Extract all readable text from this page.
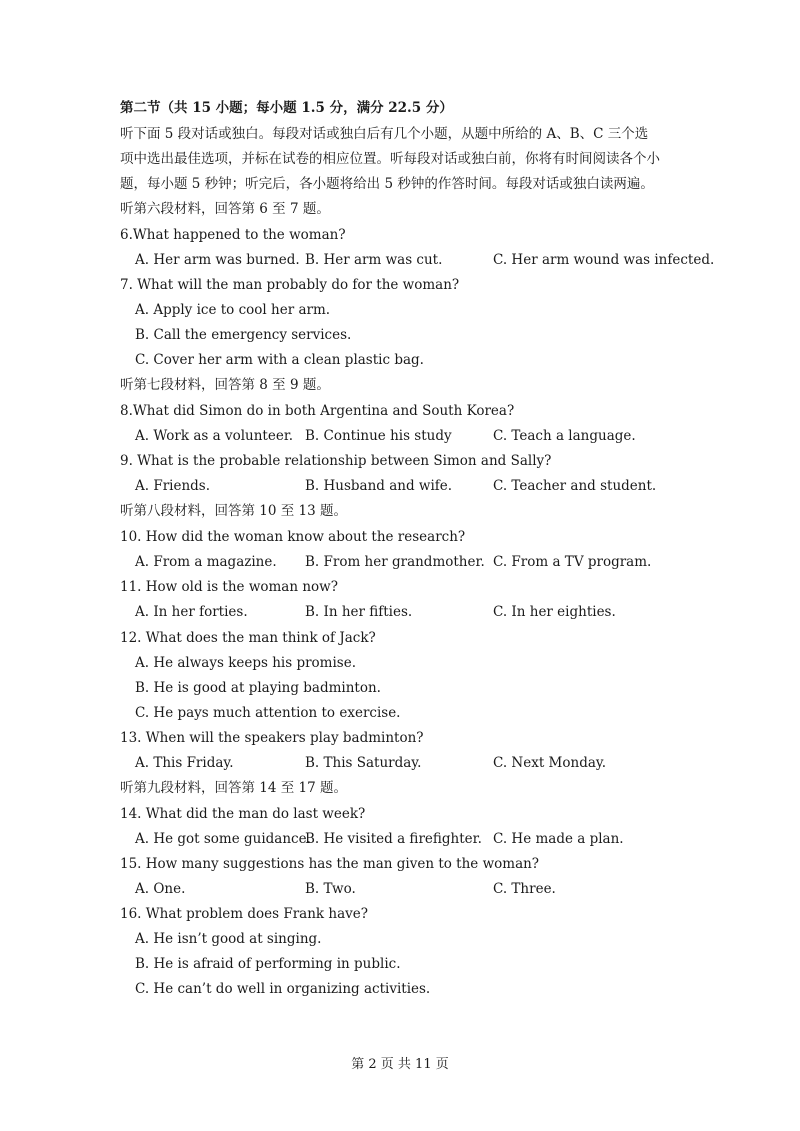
第二节（共 15 小题；每小题 1.5 分，满分 22.5 分）
听下面 5 段对话或独白。每段对话或独白后有几个小题，从题中所给的 A、B、C 三个选
项中选出最佳选项，并标在试卷的相应位置。听每段对话或独白前，你将有时间阅读各个小
题，每小题 5 秒钟；听完后，各小题将给出 5 秒钟的作答时间。每段对话或独白读两遍。
听第六段材料，回答第 6 至 7 题。
6.What happened to the woman?
A. Her arm was burned. B. Her arm was cut.	C. Her arm wound was infected.
7. What will the man probably do for the woman?
A. Apply ice to cool her arm.
B. Call the emergency services.
C. Cover her arm with a clean plastic bag.
听第七段材料，回答第 8 至 9 题。
8.What did Simon do in both Argentina and South Korea?
A. Work as a volunteer. B. Continue his study	C. Teach a language.
9. What is the probable relationship between Simon and Sally?
A. Friends.	B. Husband and wife.	C. Teacher and student.
听第八段材料，回答第 10 至 13 题。
10. How did the woman know about the research?
A. From a magazine. B. From her grandmother. C. From a TV program.
11. How old is the woman now?
A. In her forties.	B. In her fifties.	C. In her eighties.
12. What does the man think of Jack?
A. He always keeps his promise.
B. He is good at playing badminton.
C. He pays much attention to exercise.
13. When will the speakers play badminton?
A. This Friday.	B. This Saturday.	C. Next Monday.
听第九段材料，回答第 14 至 17 题。
14. What did the man do last week?
A. He got some guidance.
B. He visited a firefighter. C. He made a plan.
15. How many suggestions has the man given to the woman?
A. One.	B. Two.	C. Three.
16. What problem does Frank have?
A. He isn’t good at singing.
B. He is afraid of performing in public.
C. He can’t do well in organizing activities.
第 2 页 共 11 页
